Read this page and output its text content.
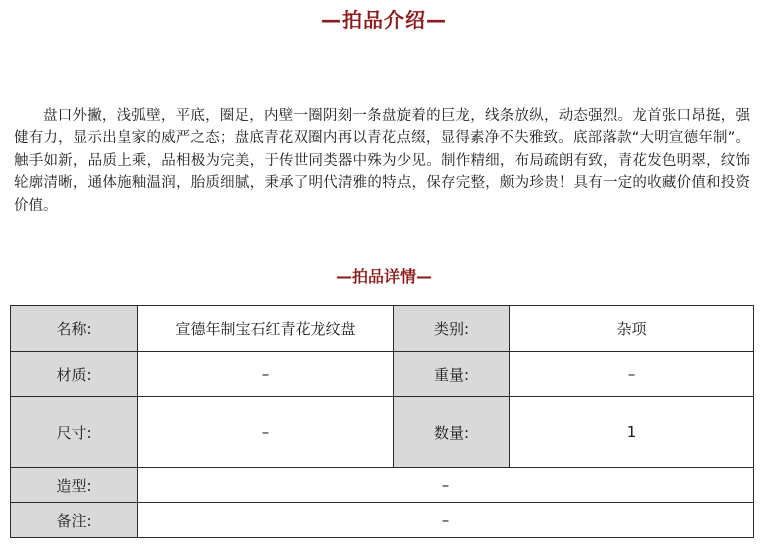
—拍品介绍—

盘口外撇，浅弧壁，平底，圈足，内壁一圈阴刻一条盘旋着的巨龙，线条放纵，动态强烈。龙首张口昂挺，强健有力，显示出皇家的威严之态；盘底青花双圈内再以青花点缀，显得素净不失雅致。底部落款“大明宣德年制”。触手如新，品质上乘，品相极为完美，于传世同类器中殊为少见。制作精细，布局疏朗有致，青花发色明翠，纹饰轮廓清晰，通体施釉温润，胎质细腻，秉承了明代清雅的特点，保存完整，颇为珍贵！具有一定的收藏价值和投资价值。

—拍品详情—
名称:	宣德年制宝石红青花龙纹盘	类别:	杂项
材质:	–	重量:	–
尺寸:	–	数量:	1
造型:	–		
备注:	–		
